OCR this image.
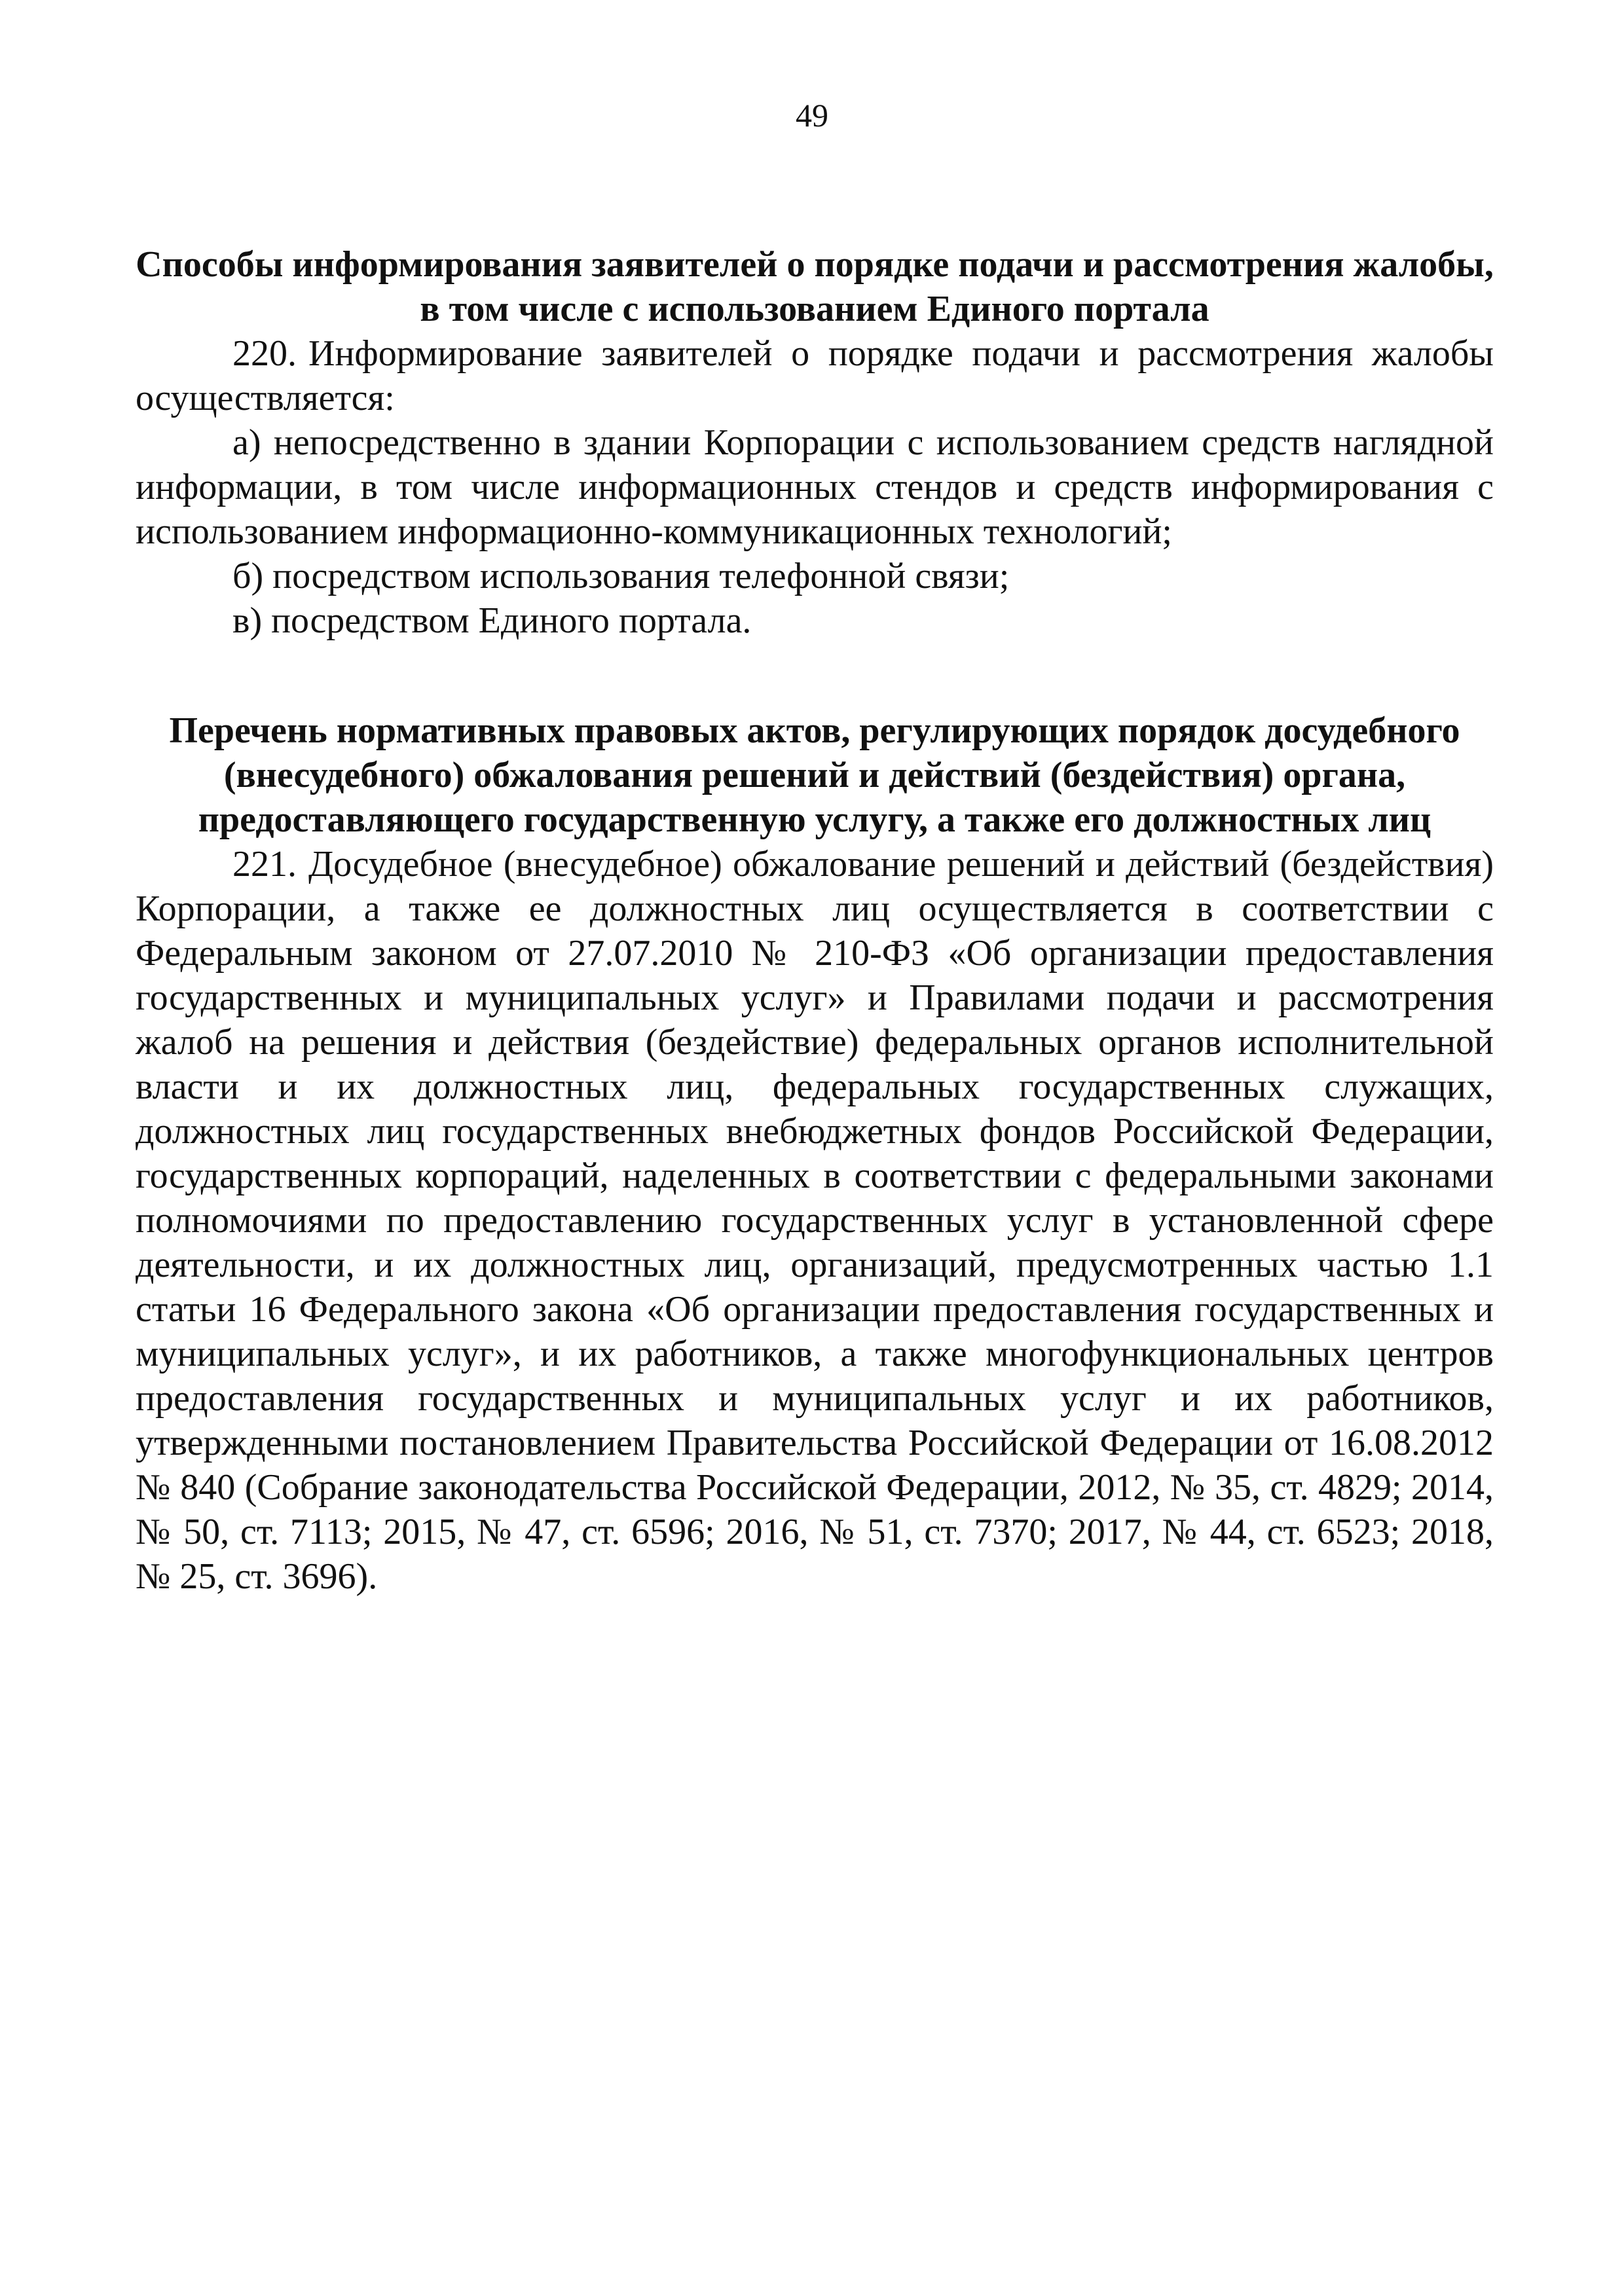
49
Способы информирования заявителей о порядке подачи и рассмотрения жалобы, в том числе с использованием Единого портала

220. Информирование заявителей о порядке подачи и рассмотрения жалобы осуществляется:

а) непосредственно в здании Корпорации с использованием средств наглядной информации, в том числе информационных стендов и средств информирования с использованием информационно-коммуникационных технологий;

б) посредством использования телефонной связи;

в) посредством Единого портала.

Перечень нормативных правовых актов, регулирующих порядок досудебного (внесудебного) обжалования решений и действий (бездействия) органа, предоставляющего государственную услугу, а также его должностных лиц

221. Досудебное (внесудебное) обжалование решений и действий (бездействия) Корпорации, а также ее должностных лиц осуществляется в соответствии с Федеральным законом от 27.07.2010 № 210-ФЗ «Об организации предоставления государственных и муниципальных услуг» и Правилами подачи и рассмотрения жалоб на решения и действия (бездействие) федеральных органов исполнительной власти и их должностных лиц, федеральных государственных служащих, должностных лиц государственных внебюджетных фондов Российской Федерации, государственных корпораций, наделенных в соответствии с федеральными законами полномочиями по предоставлению государственных услуг в установленной сфере деятельности, и их должностных лиц, организаций, предусмотренных частью 1.1 статьи 16 Федерального закона «Об организации предоставления государственных и муниципальных услуг», и их работников, а также многофункциональных центров предоставления государственных и муниципальных услуг и их работников, утвержденными постановлением Правительства Российской Федерации от 16.08.2012 № 840 (Собрание законодательства Российской Федерации, 2012, № 35, ст. 4829; 2014, № 50, ст. 7113; 2015, № 47, ст. 6596; 2016, № 51, ст. 7370; 2017, № 44, ст. 6523; 2018, № 25, ст. 3696).
